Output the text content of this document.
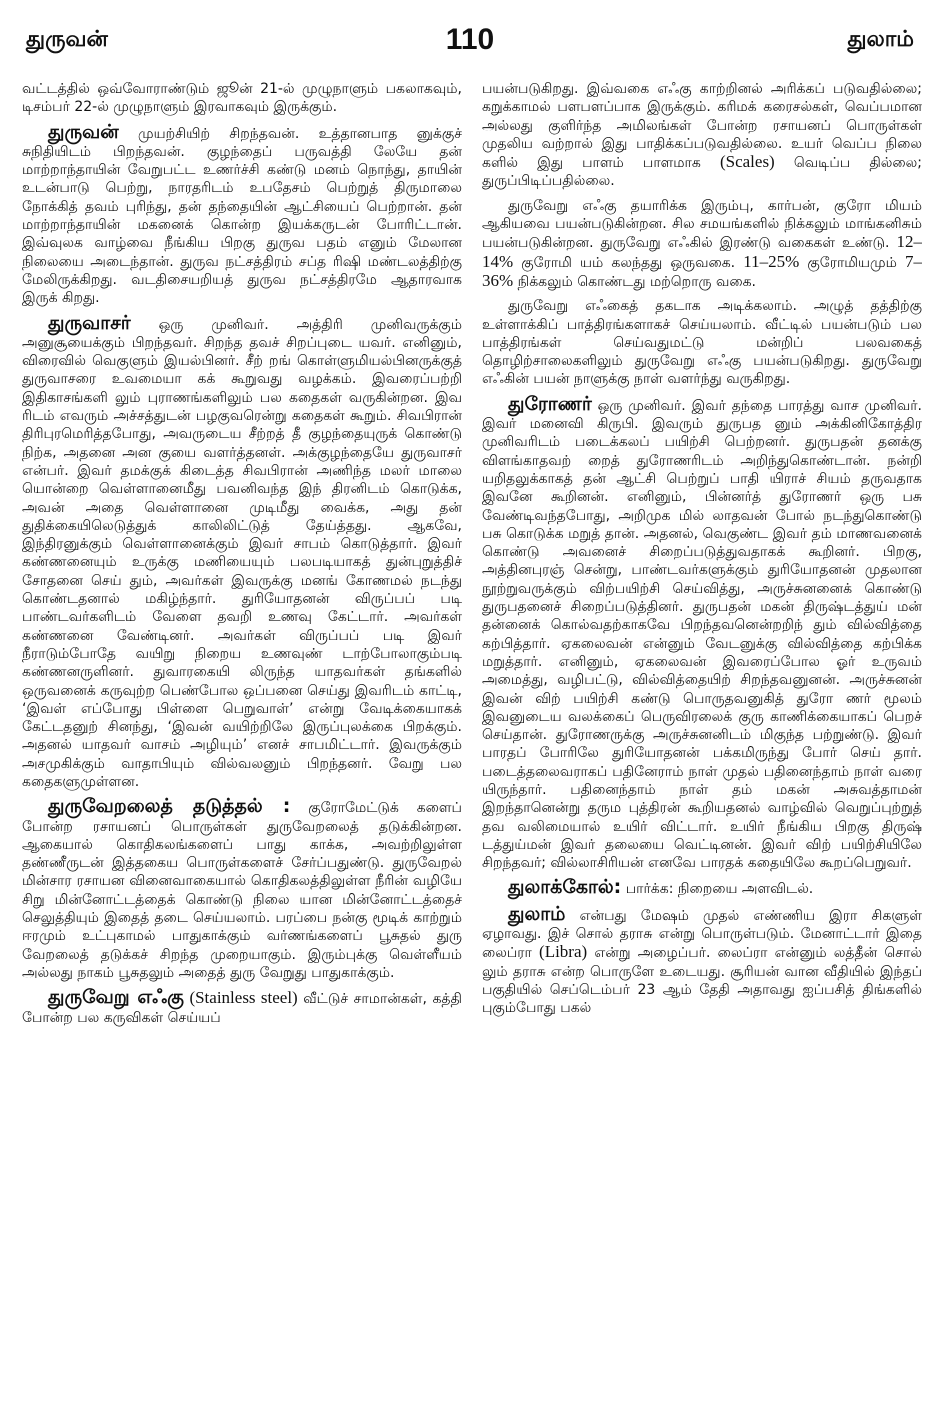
துருவன்	110	துலாம்

வட்டத்தில் ஒவ்வோராண்டும் ஜூன் 21-ல் முழுநாளும் பகலாகவும், டிசம்பர் 22-ல் முழுநாளும் இரவாகவும் இருக்கும்.

துருவன் முயற்சியிற் சிறந்தவன். உத்தானபாத னுக்குச் சுநிதியிடம் பிறந்தவன். குழந்தைப் பருவத்தி லேயே தன் மாற்றாந்தாயின் வேறுபட்ட உணர்ச்சி கண்டு மனம் நொந்து, தாயின் உடன்பாடு பெற்று, நாரதரிடம் உபதேசம் பெற்றுத் திருமாலை நோக்கித் தவம் புரிந்து, தன் தந்தையின் ஆட்சியைப் பெற்றான். தன் மாற்றாந்தாயின் மகனைக் கொன்ற இயக்கருடன் போரிட்டான். இவ்வுலக வாழ்வை நீங்கிய பிறகு துருவ பதம் எனும் மேலான நிலையை அடைந்தான். துருவ நட்சத்திரம் சப்த ரிஷி மண்டலத்திற்கு மேலிருக்கிறது. வடதிசையறியத் துருவ நட்சத்திரமே ஆதாரவாக இருக் கிறது.

துருவாசர் ஒரு முனிவர். அத்திரி முனிவருக்கும் அனுசூயைக்கும் பிறந்தவர். சிறந்த தவச் சிறப்புடை யவர். எனினும், விரைவில் வெகுளும் இயல்பினர். சீற் றங் கொள்ளுமியல்பினருக்குத் துருவாசரை உவமையா கக் கூறுவது வழக்கம். இவரைப்பற்றி இதிகாசங்களி லும் புராணங்களிலும் பல கதைகள் வருகின்றன. இவ ரிடம் எவரும் அச்சத்துடன் பழகுவரென்று கதைகள் கூறும். சிவபிரான் திரிபுரமெரித்தபோது, அவருடைய சீற்றத் தீ குழந்தையுருக் கொண்டு நிற்க, அதனை அன குயை வளர்த்தனள். அக்குழந்தையே துருவாசர் என்பர். இவர் தமக்குக் கிடைத்த சிவபிரான் அணிந்த மலர் மாலை யொன்றை வெள்ளானைமீது பவனிவந்த இந் திரனிடம் கொடுக்க, அவன் அதை வெள்ளானை முடிமீது வைக்க, அது தன் துதிக்கையிலெடுத்துக் காலிலிட்டுத் தேய்த்தது. ஆகவே, இந்திரனுக்கும் வெள்ளானைக்கும் இவர் சாபம் கொடுத்தார். இவர் கண்ணனையும் உருக்கு மணியையும் பலபடியாகத் துன்புறுத்திச் சோதனை செய் தும், அவர்கள் இவருக்கு மனங் கோணமல் நடந்து கொண்டதனால் மகிழ்ந்தார். துரியோதனன் விருப்பப் படி பாண்டவர்களிடம் வேளை தவறி உணவு கேட்டார். அவர்கள் கண்ணனை வேண்டினர். அவர்கள் விருப்பப் படி இவர் நீராடும்போதே வயிறு நிறைய உணவுண் டாற்போலாகும்படி கண்ணனருளினர். துவாரகையி லிருந்த யாதவர்கள் தங்களில் ஒருவனைக் கருவுற்ற பெண்போல ஒப்பனை செய்து இவரிடம் காட்டி, ‘இவள் எப்போது பிள்ளை பெறுவாள்’ என்று வேடிக்கையாகக் கேட்டதனுற் சினந்து, ‘இவன் வயிற்றிலே இருப்புலக்கை பிறக்கும். அதனல் யாதவர் வாசம் அழியும்’ எனச் சாபமிட்டார். இவருக்கும் அசமுகிக்கும் வாதாபியும் வில்வலனும் பிறந்தனர். வேறு பல கதைகளுமுள்ளன.

துருவேறலைத் தடுத்தல் : குரோமேட்டுக் களைப் போன்ற ரசாயனப் பொருள்கள் துருவேறலைத் தடுக்கின்றன. ஆகையால் கொதிகலங்களைப் பாது காக்க, அவற்றிலுள்ள தண்ணீருடன் இத்தகைய பொருள்களைச் சேர்ப்பதுண்டு. துருவேறல் மின்சார ரசாயன வினைவாகையால் கொதிகலத்திலுள்ள நீரின் வழியே சிறு மின்னோட்டத்தைக் கொண்டு நிலை யான மின்னோட்டத்தைச் செலுத்தியும் இதைத் தடை செய்யலாம். பரப்பை நன்கு மூடிக் காற்றும் ஈரமும் உட்புகாமல் பாதுகாக்கும் வர்ணங்களைப் பூசுதல் துரு வேறலைத் தடுக்கச் சிறந்த முறையாகும். இரும்புக்கு வெள்ளீயம் அல்லது நாகம் பூசுதலும் அதைத் துரு வேறுது பாதுகாக்கும்.

துருவேறு எஃகு (Stainless steel) வீட்டுச் சாமான்கள், கத்தி போன்ற பல கருவிகள் செய்யப்

பயன்படுகிறது. இவ்வகை எஃகு காற்றினல் அரிக்கப் படுவதில்லை; கறுக்காமல் பளபளப்பாக இருக்கும். கரிமக் கரைசல்கள், வெப்பமான அல்லது குளிர்ந்த அமிலங்கள் போன்ற ரசாயனப் பொருள்கள் முதலிய வற்றால் இது பாதிக்கப்படுவதில்லை. உயர் வெப்ப நிலை களில் இது பாளம் பாளமாக (Scales) வெடிப்ப தில்லை; துருப்பிடிப்பதில்லை.

துருவேறு எஃகு தயாரிக்க இரும்பு, கார்பன், குரோ மியம் ஆகியவை பயன்படுகின்றன. சில சமயங்களில் நிக்கலும் மாங்கனிசும் பயன்படுகின்றன. துருவேறு எஃகில் இரண்டு வகைகள் உண்டு. 12–14% குரோமி யம் கலந்தது ஒருவகை. 11–25% குரோமியமும் 7–36% நிக்கலும் கொண்டது மற்றொரு வகை.

துருவேறு எஃகைத் தகடாக அடிக்கலாம். அழுத் தத்திற்கு உள்ளாக்கிப் பாத்திரங்களாகச் செய்யலாம். வீட்டில் பயன்படும் பல பாத்திரங்கள் செய்வதுமட்டு மன்றிப் பலவகைத் தொழிற்சாலைகளிலும் துருவேறு எஃகு பயன்படுகிறது. துருவேறு எஃகின் பயன் நாளுக்கு நாள் வளர்ந்து வருகிறது.

துரோணர் ஒரு முனிவர். இவர் தந்தை பாரத்து வாச முனிவர். இவர் மனைவி கிருபி. இவரும் துருபத னும் அக்கினிகோத்திர முனிவரிடம் படைக்கலப் பயிற்சி பெற்றனர். துருபதன் தனக்கு விளங்காதவற் றைத் துரோணரிடம் அறிந்துகொண்டான். நன்றி யறிதலுக்காகத் தன் ஆட்சி பெற்றுப் பாதி யிராச் சியம் தருவதாக இவனே கூறினன். எனினும், பின்னர்த் துரோணர் ஒரு பசு வேண்டிவந்தபோது, அறிமுக மில் லாதவன் போல் நடந்துகொண்டு பசு கொடுக்க மறுத் தான். அதனல், வெகுண்ட இவர் தம் மாணவனைக் கொண்டு அவனைச் சிறைப்படுத்துவதாகக் கூறினர். பிறகு, அத்தினபுரஞ் சென்று, பாண்டவர்களுக்கும் துரியோதனன் முதலான நூற்றுவருக்கும் விற்பயிற்சி செய்வித்து, அருச்சுனனைக் கொண்டு துருபதனைச் சிறைப்படுத்தினர். துருபதன் மகன் திருஷ்டத்துய் மன் தன்னைக் கொல்வதற்காகவே பிறந்தவனென்றறிந் தும் வில்வித்தை கற்பித்தார். ஏகலைவன் என்னும் வேடனுக்கு வில்வித்தை கற்பிக்க மறுத்தார். எனினும், ஏகலைவன் இவரைப்போல ஓர் உருவம் அமைத்து, வழிபட்டு, வில்வித்தையிற் சிறந்தவனுனன். அருச்சுனன் இவன் விற் பயிற்சி கண்டு பொருதவனுகித் துரோ ணர் மூலம் இவனுடைய வலக்கைப் பெருவிரலைக் குரு காணிக்கையாகப் பெறச் செய்தான். துரோணருக்கு அருச்சுனனிடம் மிகுந்த பற்றுண்டு. இவர் பாரதப் போரிலே துரியோதனன் பக்கமிருந்து போர் செய் தார். படைத்தலைவராகப் பதினேராம் நாள் முதல் பதினைந்தாம் நாள் வரை யிருந்தார். பதினைந்தாம் நாள் தம் மகன் அசுவத்தாமன் இறந்தானென்று தரும புத்திரன் கூறியதனல் வாழ்வில் வெறுப்புற்றுத் தவ வலிமையால் உயிர் விட்டார். உயிர் நீங்கிய பிறகு திருஷ் டத்துய்மன் இவர் தலையை வெட்டினன். இவர் விற் பயிற்சியிலே சிறந்தவர்; வில்லாசிரியன் எனவே பாரதக் கதையிலே கூறப்பெறுவர்.

துலாக்கோல்: பார்க்க: நிறையை அளவிடல்.

துலாம் என்பது மேஷம் முதல் எண்ணிய இரா சிகளுள் ஏழாவது. இச் சொல் தராசு என்று பொருள்படும். மேனாட்டார் இதை லைப்ரா (Libra) என்று அழைப்பர். லைப்ரா என்னும் லத்தீன் சொல் லும் தராசு என்ற பொருளே உடையது. சூரியன் வான வீதியில் இந்தப் பகுதியில் செப்டெம்பர் 23 ஆம் தேதி அதாவது ஐப்பசித் திங்களில் புகும்போது பகல்
